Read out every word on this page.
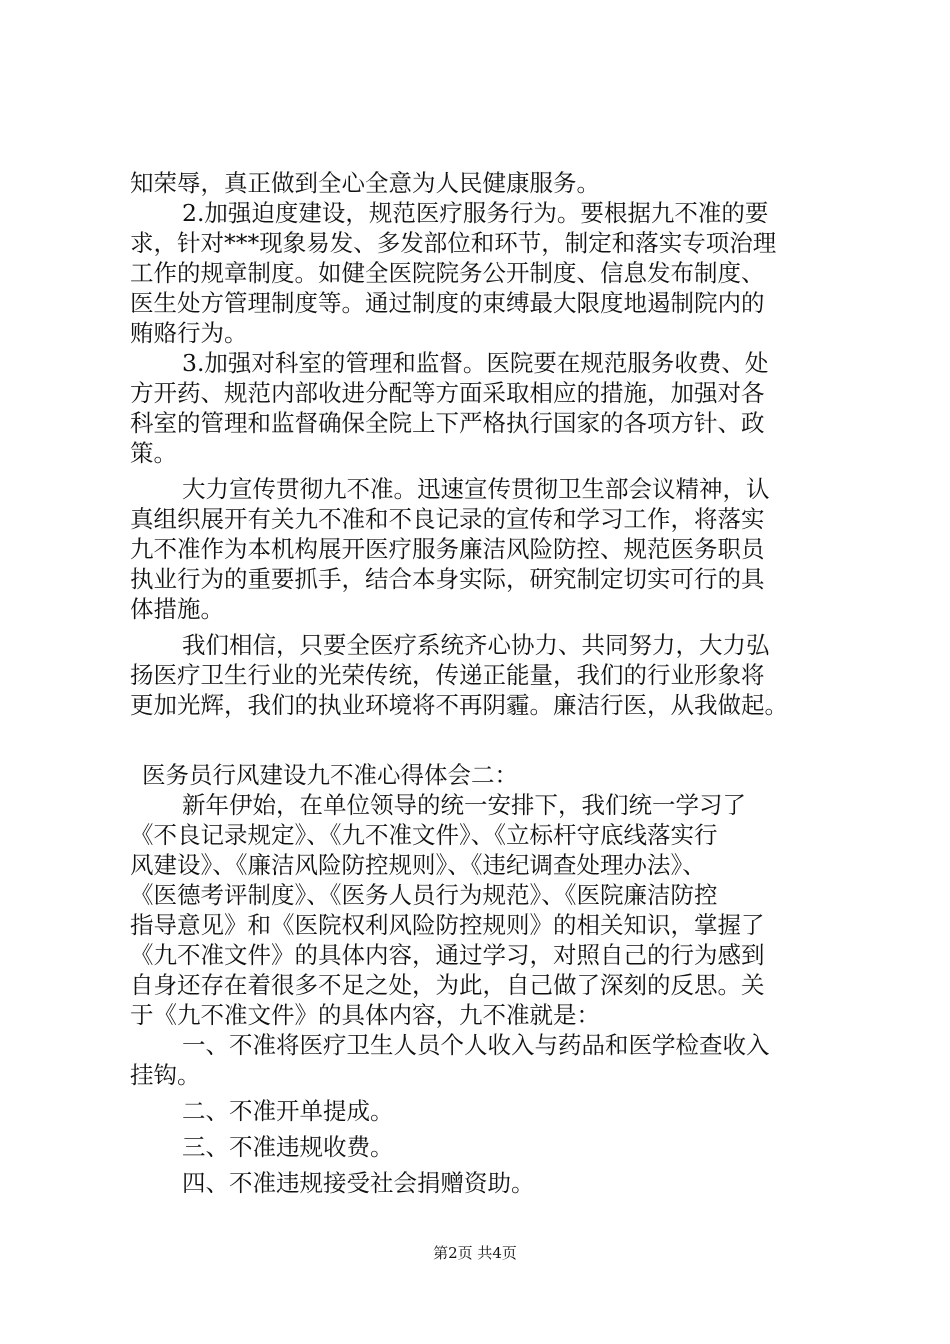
知荣辱，真正做到全心全意为人民健康服务。
2.加强迫度建设，规范医疗服务行为。要根据九不准的要
求，针对***现象易发、多发部位和环节，制定和落实专项治理
工作的规章制度。如健全医院院务公开制度、信息发布制度、
医生处方管理制度等。通过制度的束缚最大限度地遏制院内的
贿赂行为。
3.加强对科室的管理和监督。医院要在规范服务收费、处
方开药、规范内部收进分配等方面采取相应的措施，加强对各
科室的管理和监督确保全院上下严格执行国家的各项方针、政
策。
大力宣传贯彻九不准。迅速宣传贯彻卫生部会议精神，认
真组织展开有关九不准和不良记录的宣传和学习工作，将落实
九不准作为本机构展开医疗服务廉洁风险防控、规范医务职员
执业行为的重要抓手，结合本身实际，研究制定切实可行的具
体措施。
我们相信，只要全医疗系统齐心协力、共同努力，大力弘
扬医疗卫生行业的光荣传统，传递正能量，我们的行业形象将
更加光辉，我们的执业环境将不再阴霾。廉洁行医，从我做起。
医务员行风建设九不准心得体会二：
新年伊始，在单位领导的统一安排下，我们统一学习了
《不良记录规定》、《九不准文件》、《立标杆守底线落实行
风建设》、《廉洁风险防控规则》、《违纪调查处理办法》、
《医德考评制度》、《医务人员行为规范》、《医院廉洁防控
指导意见》和《医院权利风险防控规则》的相关知识，掌握了
《九不准文件》的具体内容，通过学习，对照自己的行为感到
自身还存在着很多不足之处，为此，自己做了深刻的反思。关
于《九不准文件》的具体内容，九不准就是：
一、不准将医疗卫生人员个人收入与药品和医学检查收入
挂钩。
二、不准开单提成。
三、不准违规收费。
四、不准违规接受社会捐赠资助。
第2页 共4页
